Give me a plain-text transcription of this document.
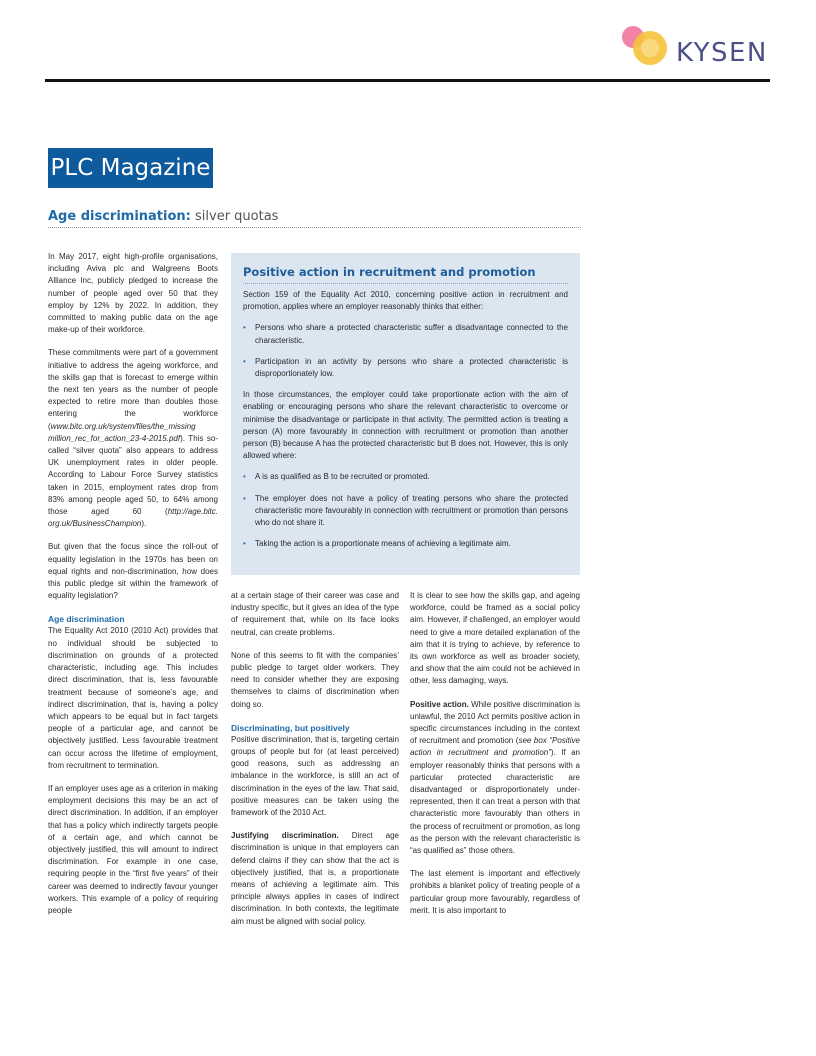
KYSEN
PLC Magazine
Age discrimination: silver quotas

In May 2017, eight high-profile organisations, including Aviva plc and Walgreens Boots Alliance Inc, publicly pledged to increase the number of people aged over 50 that they employ by 12% by 2022. In addition, they committed to making public data on the age make-up of their workforce.

These commitments were part of a government initiative to address the ageing workforce, and the skills gap that is forecast to emerge within the next ten years as the number of people expected to retire more than doubles those entering the workforce (www.bitc.org.uk/system/files/the_missing million_rec_for_action_23-4-2015.pdf). This so-called “silver quota” also appears to address UK unemployment rates in older people. According to Labour Force Survey statistics taken in 2015, employment rates drop from 83% among people aged 50, to 64% among those aged 60 (http://age.bitc. org.uk/BusinessChampion).

But given that the focus since the roll-out of equality legislation in the 1970s has been on equal rights and non-discrimination, how does this public pledge sit within the framework of equality legislation?

Age discrimination

The Equality Act 2010 (2010 Act) provides that no individual should be subjected to discrimination on grounds of a protected characteristic, including age. This includes direct discrimination, that is, less favourable treatment because of someone’s age, and indirect discrimination, that is, having a policy which appears to be equal but in fact targets people of a particular age, and cannot be objectively justified. Less favourable treatment can occur across the lifetime of employment, from recruitment to termination.

If an employer uses age as a criterion in making employment decisions this may be an act of direct discrimination. In addition, if an employer that has a policy which indirectly targets people of a certain age, and which cannot be objectively justified, this will amount to indirect discrimination. For example in one case, requiring people in the “first five years” of their career was deemed to indirectly favour younger workers. This example of a policy of requiring people

at a certain stage of their career was case and industry specific, but it gives an idea of the type of requirement that, while on its face looks neutral, can create problems.

None of this seems to fit with the companies’ public pledge to target older workers. They need to consider whether they are exposing themselves to claims of discrimination when doing so.

Discriminating, but positively

Positive discrimination, that is, targeting certain groups of people but for (at least perceived) good reasons, such as addressing an imbalance in the workforce, is still an act of discrimination in the eyes of the law. That said, positive measures can be taken using the framework of the 2010 Act.

Justifying discrimination. Direct age discrimination is unique in that employers can defend claims if they can show that the act is objectively justified, that is, a proportionate means of achieving a legitimate aim. This principle always applies in cases of indirect discrimination. In both contexts, the legitimate aim must be aligned with social policy.

It is clear to see how the skills gap, and ageing workforce, could be framed as a social policy aim. However, if challenged, an employer would need to give a more detailed explanation of the aim that it is trying to achieve, by reference to its own workforce as well as broader society, and show that the aim could not be achieved in other, less damaging, ways.

Positive action. While positive discrimination is unlawful, the 2010 Act permits positive action in specific circumstances including in the context of recruitment and promotion (see box “Positive action in recruitment and promotion”). If an employer reasonably thinks that persons with a particular protected characteristic are disadvantaged or disproportionately under-represented, then it can treat a person with that characteristic more favourably than others in the process of recruitment or promotion, as long as the person with the relevant characteristic is “as qualified as” those others.

The last element is important and effectively prohibits a blanket policy of treating people of a particular group more favourably, regardless of merit. It is also important to

Positive action in recruitment and promotion

Section 159 of the Equality Act 2010, concerning positive action in recruitment and promotion, applies where an employer reasonably thinks that either:

• Persons who share a protected characteristic suffer a disadvantage connected to the characteristic.
• Participation in an activity by persons who share a protected characteristic is disproportionately low.

In those circumstances, the employer could take proportionate action with the aim of enabling or encouraging persons who share the relevant characteristic to overcome or minimise the disadvantage or participate in that activity. The permitted action is treating a person (A) more favourably in connection with recruitment or promotion than another person (B) because A has the protected characteristic but B does not. However, this is only allowed where:

• A is as qualified as B to be recruited or promoted.
• The employer does not have a policy of treating persons who share the protected characteristic more favourably in connection with recruitment or promotion than persons who do not share it.
• Taking the action is a proportionate means of achieving a legitimate aim.
